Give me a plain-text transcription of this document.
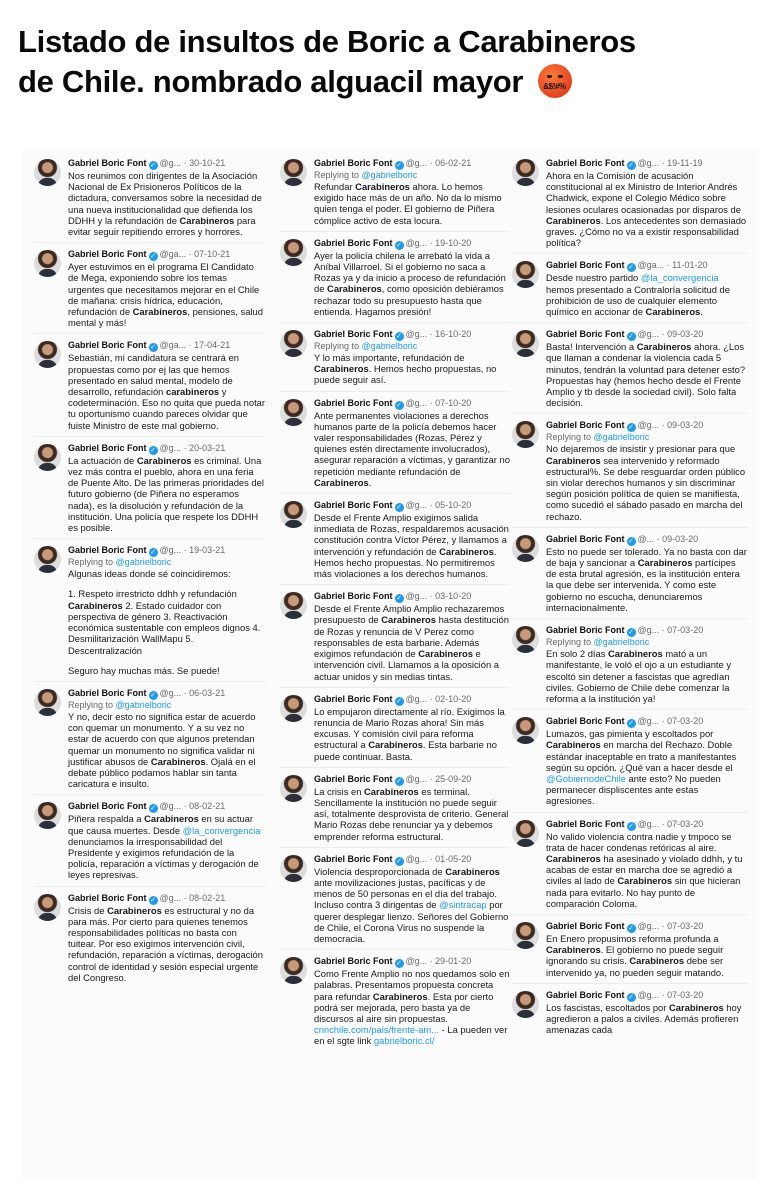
Listado de insultos de Boric a Carabineros
de Chile. nombrado alguacil mayor	&$!#%
Gabriel Boric Font ✓ @g... · 30-10-21
Nos reunimos con dirigentes de la Asociación Nacional de Ex Prisioneros Políticos de la dictadura, conversamos sobre la necesidad de una nueva institucionalidad que defienda los DDHH y la refundación de Carabineros para evitar seguir repitiendo errores y horrores.
Gabriel Boric Font ✓ @ga... · 07-10-21
Ayer estuvimos en el programa El Candidato de Mega, exponiendo sobre los temas urgentes que necesitamos mejorar en el Chile de mañana: crisis hídrica, educación, refundación de Carabineros, pensiones, salud mental y más!
Gabriel Boric Font ✓ @ga... · 17-04-21
Sebastián, mi candidatura se centrará en propuestas como por ej las que hemos presentado en salud mental, modelo de desarrollo, refundación carabineros y codeterminación. Eso no quita que pueda notar tu oportunismo cuando pareces olvidar que fuiste Ministro de este mal gobierno.
Gabriel Boric Font ✓ @g... · 20-03-21
La actuación de Carabineros es criminal. Una vez más contra el pueblo, ahora en una feria de Puente Alto. De las primeras prioridades del futuro gobierno (de Piñera no esperamos nada), es la disolución y refundación de la institución. Una policía que respete los DDHH es posible.
Gabriel Boric Font ✓ @g... · 19-03-21
Replying to @gabrielboric
Algunas ideas donde sé coincidiremos:
1. Respeto irrestricto ddhh y refundación Carabineros 2. Estado cuidador con perspectiva de género 3. Reactivación económica sustentable con empleos dignos 4. Desmilitarización WallMapu 5. Descentralización
Seguro hay muchas más. Se puede!
Gabriel Boric Font ✓ @g... · 06-03-21
Replying to @gabrielboric
Y no, decir esto no significa estar de acuerdo con quemar un monumento. Y a su vez no estar de acuerdo con que algunos pretendan quemar un monumento no significa validar ni justificar abusos de Carabineros. Ojalá en el debate público podamos hablar sin tanta caricatura e insulto.
Gabriel Boric Font ✓ @g... · 08-02-21
Piñera respalda a Carabineros en su actuar que causa muertes. Desde @la_convergencia denunciamos la irresponsabilidad del Presidente y exigimos refundación de la policía, reparación a víctimas y derogación de leyes represivas.
Gabriel Boric Font ✓ @g... · 08-02-21
Crisis de Carabineros es estructural y no da para más. Por cierto para quienes tenemos responsabilidades políticas no basta con tuitear. Por eso exigimos intervención civil, refundación, reparación a víctimas, derogación control de identidad y sesión especial urgente del Congreso.
Gabriel Boric Font ✓ @g... · 06-02-21
Replying to @gabrielboric
Refundar Carabineros ahora. Lo hemos exigido hace más de un año. No da lo mismo quien tenga el poder. El gobierno de Piñera cómplice activo de esta locura.
Gabriel Boric Font ✓ @g... · 19-10-20
Ayer la policía chilena le arrebató la vida a Aníbal Villarroel. Si el gobierno no saca a Rozas ya y da inicio a proceso de refundación de Carabineros, como oposición debiéramos rechazar todo su presupuesto hasta que entienda. Hagamos presión!
Gabriel Boric Font ✓ @g... · 16-10-20
Replying to @gabrielboric
Y lo más importante, refundación de Carabineros. Hemos hecho propuestas, no puede seguir así.
Gabriel Boric Font ✓ @g... · 07-10-20
Ante permanentes violaciones a derechos humanos parte de la policía debemos hacer valer responsabilidades (Rozas, Pérez y quienes estén directamente involucrados), asegurar reparación a víctimas, y garantizar no repetición mediante refundación de Carabineros.
Gabriel Boric Font ✓ @g... · 05-10-20
Desde el Frente Amplio exigimos salida inmediata de Rozas, respaldaremos acusación constitución contra Víctor Pérez, y llamamos a intervención y refundación de Carabineros. Hemos hecho propuestas. No permitiremos más violaciones a los derechos humanos.
Gabriel Boric Font ✓ @g... · 03-10-20
Desde el Frente Amplio Amplio rechazaremos presupuesto de Carabineros hasta destitución de Rozas y renuncia de V Perez como responsables de esta barbarie. Además exigimos refundación de Carabineros e intervención civil. Llamamos a la oposición a actuar unidos y sin medias tintas.
Gabriel Boric Font ✓ @g... · 02-10-20
Lo empujaron directamente al río. Exigimos la renuncia de Mario Rozas ahora! Sin más excusas. Y comisión civil para reforma estructural a Carabineros. Esta barbarie no puede continuar. Basta.
Gabriel Boric Font ✓ @g... · 25-09-20
La crisis en Carabineros es terminal. Sencillamente la institución no puede seguir así, totalmente desprovista de criterio. General Mario Rozas debe renunciar ya y debemos emprender reforma estructural.
Gabriel Boric Font ✓ @g... · 01-05-20
Violencia desproporcionada de Carabineros ante movilizaciones justas, pacíficas y de menos de 50 personas en el día del trabajo. Incluso contra 3 dirigentas de @sintracap por querer desplegar lienzo. Señores del Gobierno de Chile, el Corona Virus no suspende la democracia.
Gabriel Boric Font ✓ @g... · 29-01-20
Como Frente Amplio no nos quedamos solo en palabras. Presentamos propuesta concreta para refundar Carabineros. Esta por cierto podrá ser mejorada, pero basta ya de discursos al aire sin propuestas. cnnchile.com/pais/frente-am... - La pueden ver en el sgte link gabrielboric.cl/
Gabriel Boric Font ✓ @g... · 19-11-19
Ahora en la Comisión de acusación constitucional al ex Ministro de Interior Andrés Chadwick, expone el Colegio Médico sobre lesiones oculares ocasionadas por disparos de Carabineros. Los antecedentes son demasiado graves. ¿Cómo no va a existir responsabilidad política?
Gabriel Boric Font ✓ @ga... · 11-01-20
Desde nuestro partido @la_convergencia hemos presentado a Contraloría solicitud de prohibición de uso de cualquier elemento químico en accionar de Carabineros.
Gabriel Boric Font ✓ @g... · 09-03-20
Basta! Intervención a Carabineros ahora. ¿Los que llaman a condenar la violencia cada 5 minutos, tendrán la voluntad para detener esto? Propuestas hay (hemos hecho desde el Frente Amplio y tb desde la sociedad civil). Solo falta decisión.
Gabriel Boric Font ✓ @g... · 09-03-20
Replying to @gabrielboric
No dejaremos de insistir y presionar para que Carabineros sea intervenido y reformado estructural%. Se debe resguardar orden público sin violar derechos humanos y sin discriminar según posición política de quien se manifiesta, como sucedió el sábado pasado en marcha del rechazo.
Gabriel Boric Font ✓ @... · 09-03-20
Esto no puede ser tolerado. Ya no basta con dar de baja y sancionar a Carabineros partícipes de esta brutal agresión, es la institución entera la que debe ser intervenida. Y como este gobierno no escucha, denunciaremos internacionalmente.
Gabriel Boric Font ✓ @g... · 07-03-20
Replying to @gabrielboric
En solo 2 días Carabineros mató a un manifestante, le voló el ojo a un estudiante y escoltó sin detener a fascistas que agredían civiles. Gobierno de Chile debe comenzar la reforma a la institución ya!
Gabriel Boric Font ✓ @g... · 07-03-20
Lumazos, gas pimienta y escoltados por Carabineros en marcha del Rechazo. Doble estándar inaceptable en trato a manifestantes según su opción. ¿Qué van a hacer desde el @GobiernodeChile ante esto? No pueden permanecer displiscentes ante estas agresiones.
Gabriel Boric Font ✓ @g... · 07-03-20
No valido violencia contra nadie y tmpoco se trata de hacer condenas retóricas al aire. Carabineros ha asesinado y violado ddhh, y tu acabas de estar en marcha doe se agredió a civiles al lado de Carabineros sin que hicieran nada para evitarlo. No hay punto de comparación Coloma.
Gabriel Boric Font ✓ @g... · 07-03-20
En Enero propusimos reforma profunda a Carabineros. El gobierno no puede seguir ignorando su crisis. Carabineros debe ser intervenido ya, no pueden seguir matando.
Gabriel Boric Font ✓ @g... · 07-03-20
Los fascistas, escoltados por Carabineros hoy agredieron a palos a civiles. Además profieren amenazas cada
